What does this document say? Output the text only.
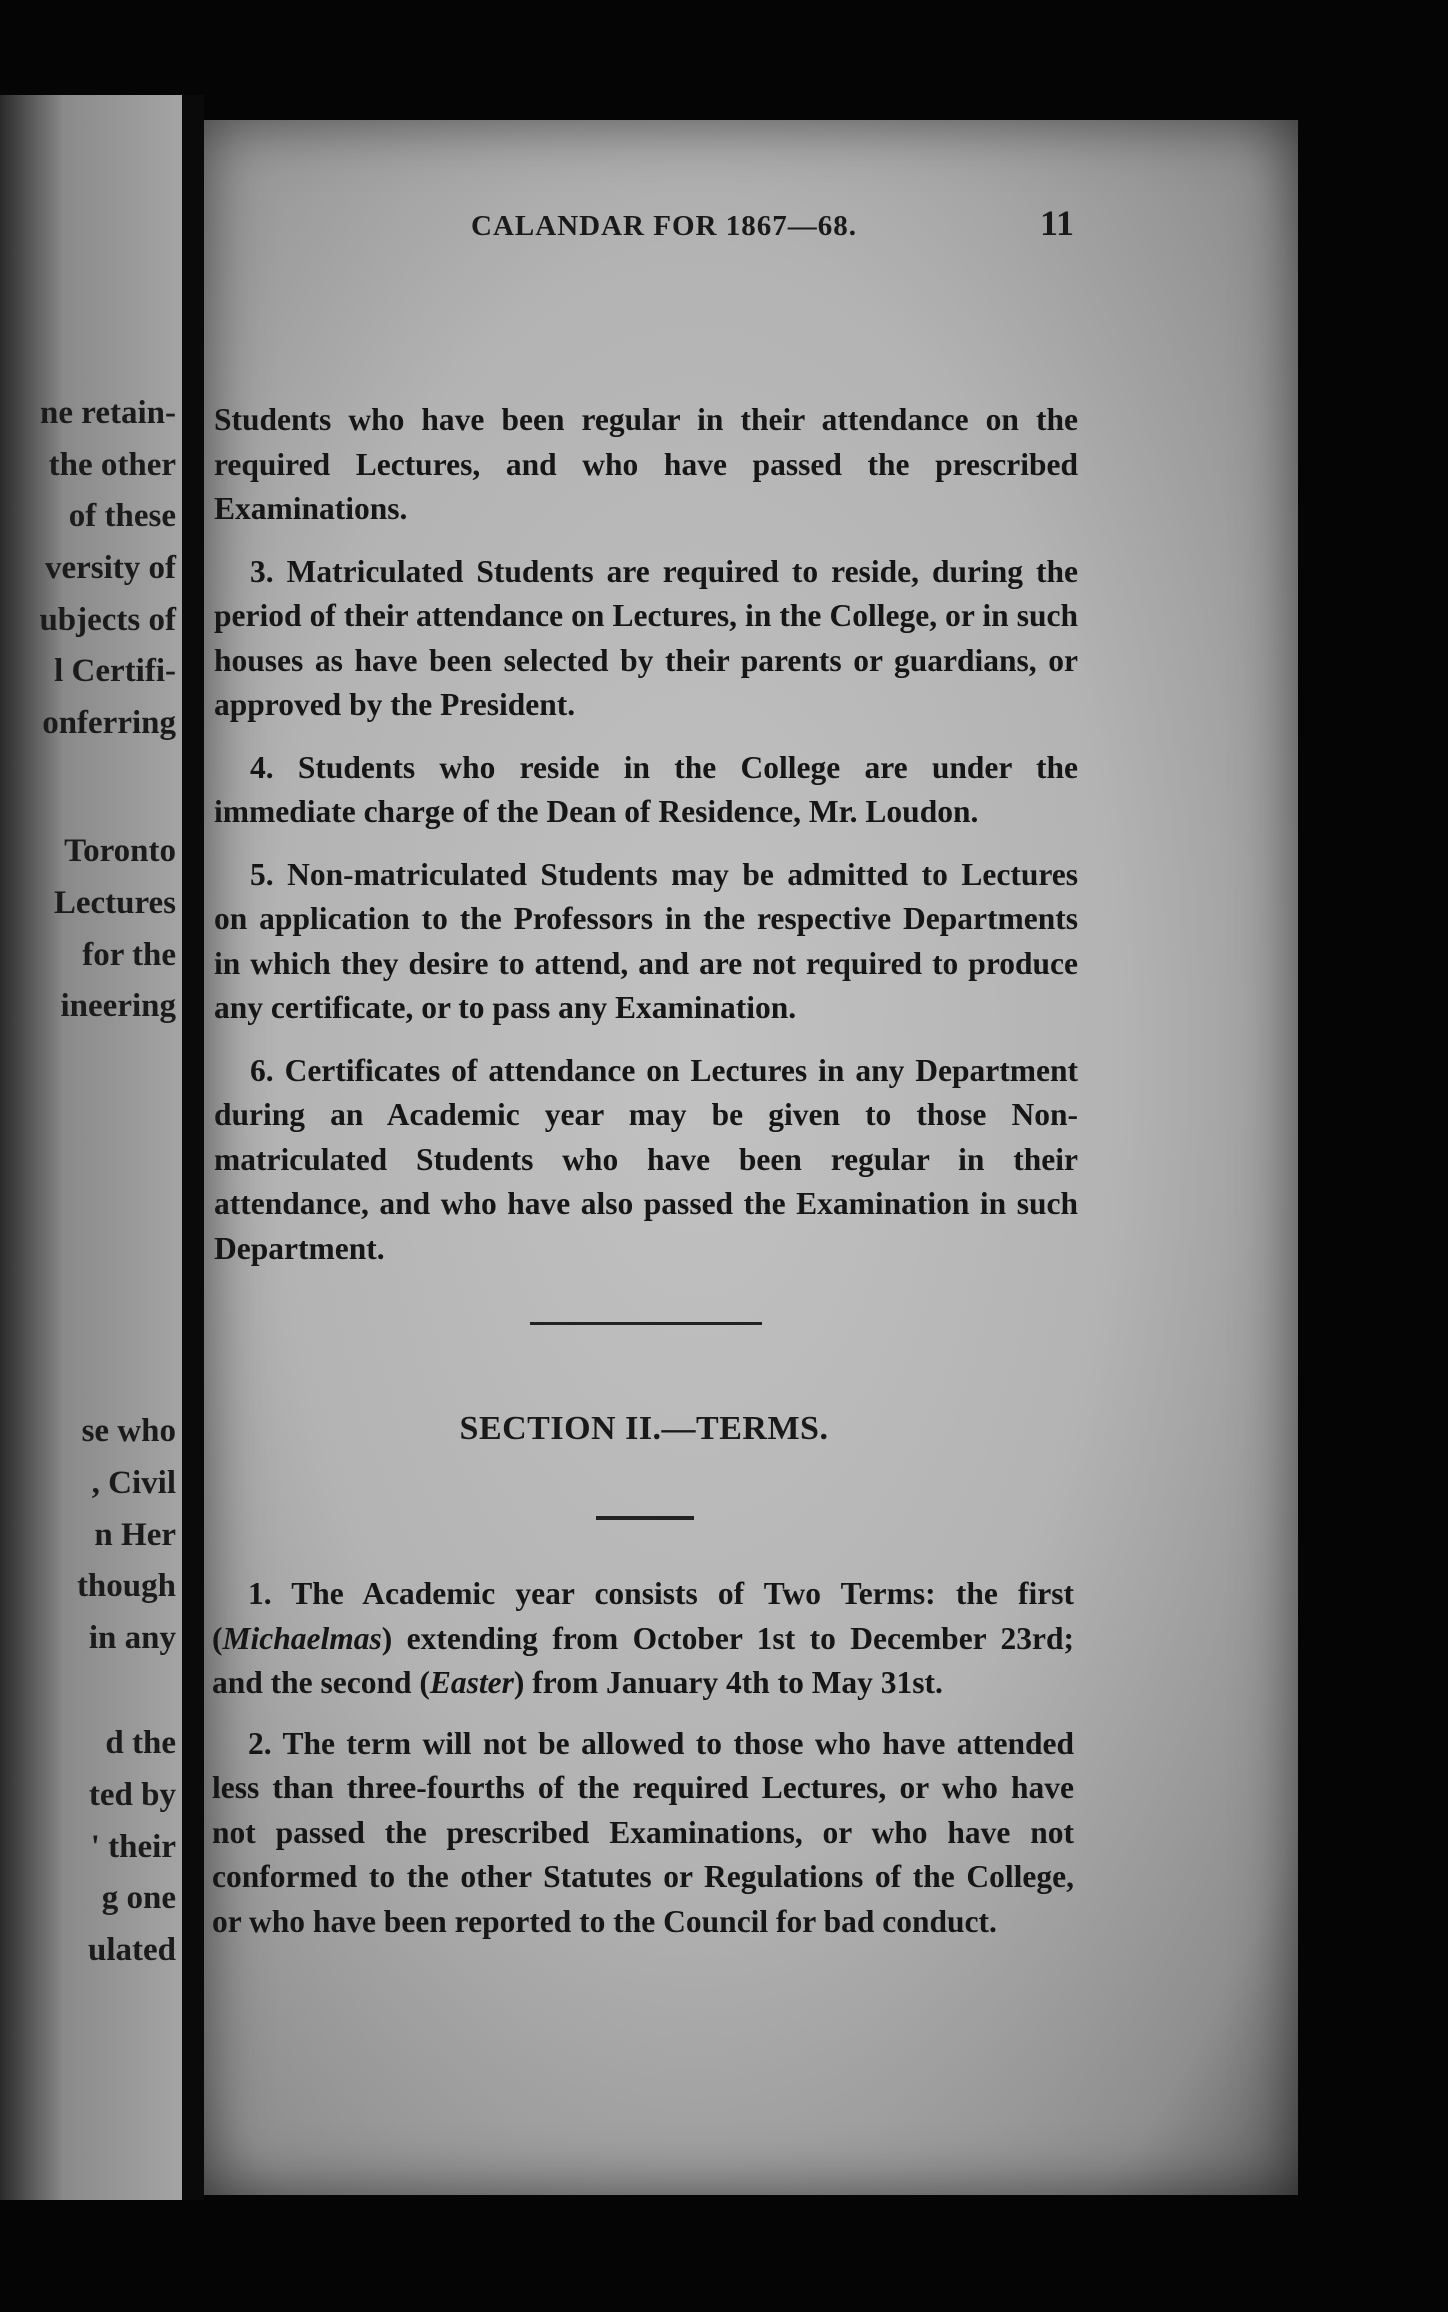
ne retain-
the other
of these
versity of
ubjects of
l Certifi-
onferring
Toronto
Lectures
for the
ineering
se who
, Civil
n Her
though
in any
d the
ted by
' their
g one
ulated
CALANDAR FOR 1867—68.	11

Students who have been regular in their attendance on the required Lectures, and who have passed the prescribed Examinations.

3. Matriculated Students are required to reside, during the period of their attendance on Lectures, in the College, or in such houses as have been selected by their parents or guardians, or approved by the President.

4. Students who reside in the College are under the immediate charge of the Dean of Residence, Mr. Loudon.

5. Non-matriculated Students may be admitted to Lectures on application to the Professors in the respective Departments in which they desire to attend, and are not required to produce any certificate, or to pass any Examination.

6. Certificates of attendance on Lectures in any Department during an Academic year may be given to those Non-matriculated Students who have been regular in their attendance, and who have also passed the Examination in such Department.

SECTION II.—TERMS.

1. The Academic year consists of Two Terms: the first (Michaelmas) extending from October 1st to December 23rd; and the second (Easter) from January 4th to May 31st.

2. The term will not be allowed to those who have attended less than three-fourths of the required Lectures, or who have not passed the prescribed Examinations, or who have not conformed to the other Statutes or Regulations of the College, or who have been reported to the Council for bad conduct.
